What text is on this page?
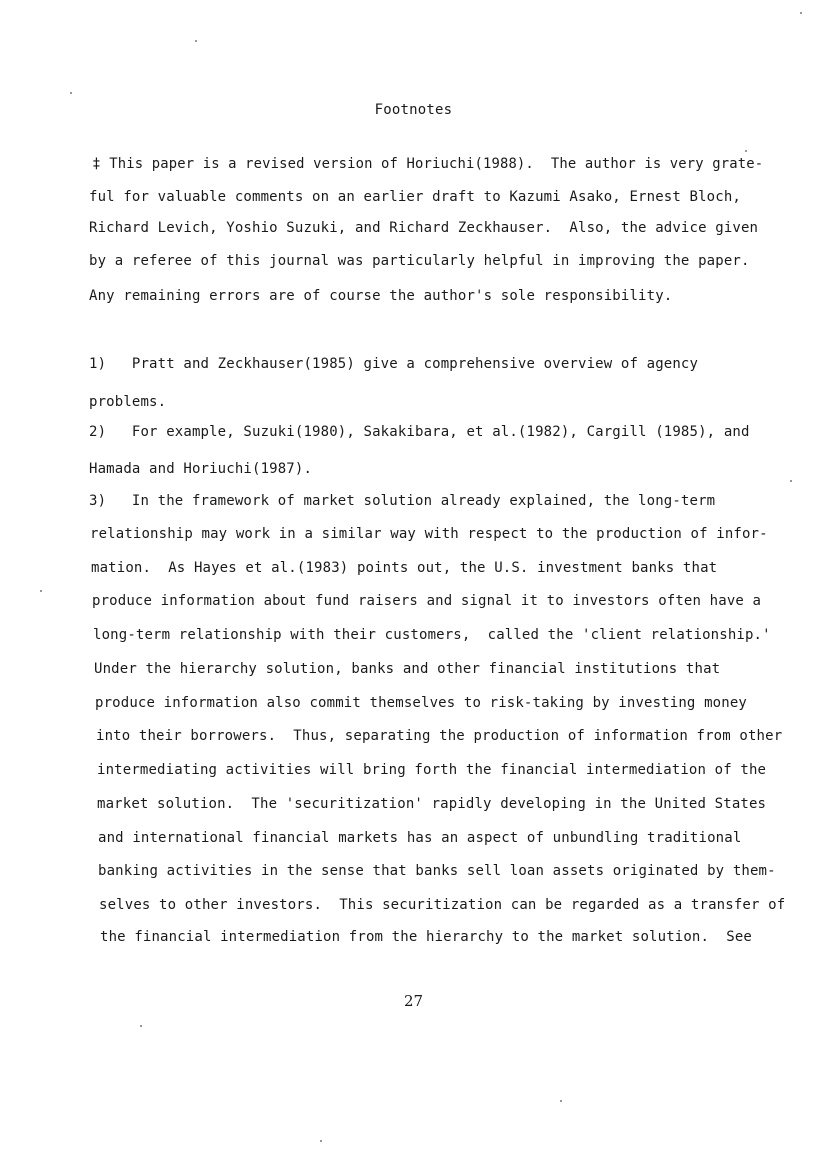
Footnotes
‡ This paper is a revised version of Horiuchi(1988).  The author is very grate-
ful for valuable comments on an earlier draft to Kazumi Asako, Ernest Bloch,
Richard Levich, Yoshio Suzuki, and Richard Zeckhauser.  Also, the advice given
by a referee of this journal was particularly helpful in improving the paper.
Any remaining errors are of course the author's sole responsibility.
1)   Pratt and Zeckhauser(1985) give a comprehensive overview of agency
problems.
2)   For example, Suzuki(1980), Sakakibara, et al.(1982), Cargill (1985), and
Hamada and Horiuchi(1987).
3)   In the framework of market solution already explained, the long-term
relationship may work in a similar way with respect to the production of infor-
mation.  As Hayes et al.(1983) points out, the U.S. investment banks that
produce information about fund raisers and signal it to investors often have a
long-term relationship with their customers,  called the 'client relationship.'
Under the hierarchy solution, banks and other financial institutions that
produce information also commit themselves to risk-taking by investing money
into their borrowers.  Thus, separating the production of information from other
intermediating activities will bring forth the financial intermediation of the
market solution.  The 'securitization' rapidly developing in the United States
and international financial markets has an aspect of unbundling traditional
banking activities in the sense that banks sell loan assets originated by them-
selves to other investors.  This securitization can be regarded as a transfer of
the financial intermediation from the hierarchy to the market solution.  See
27
